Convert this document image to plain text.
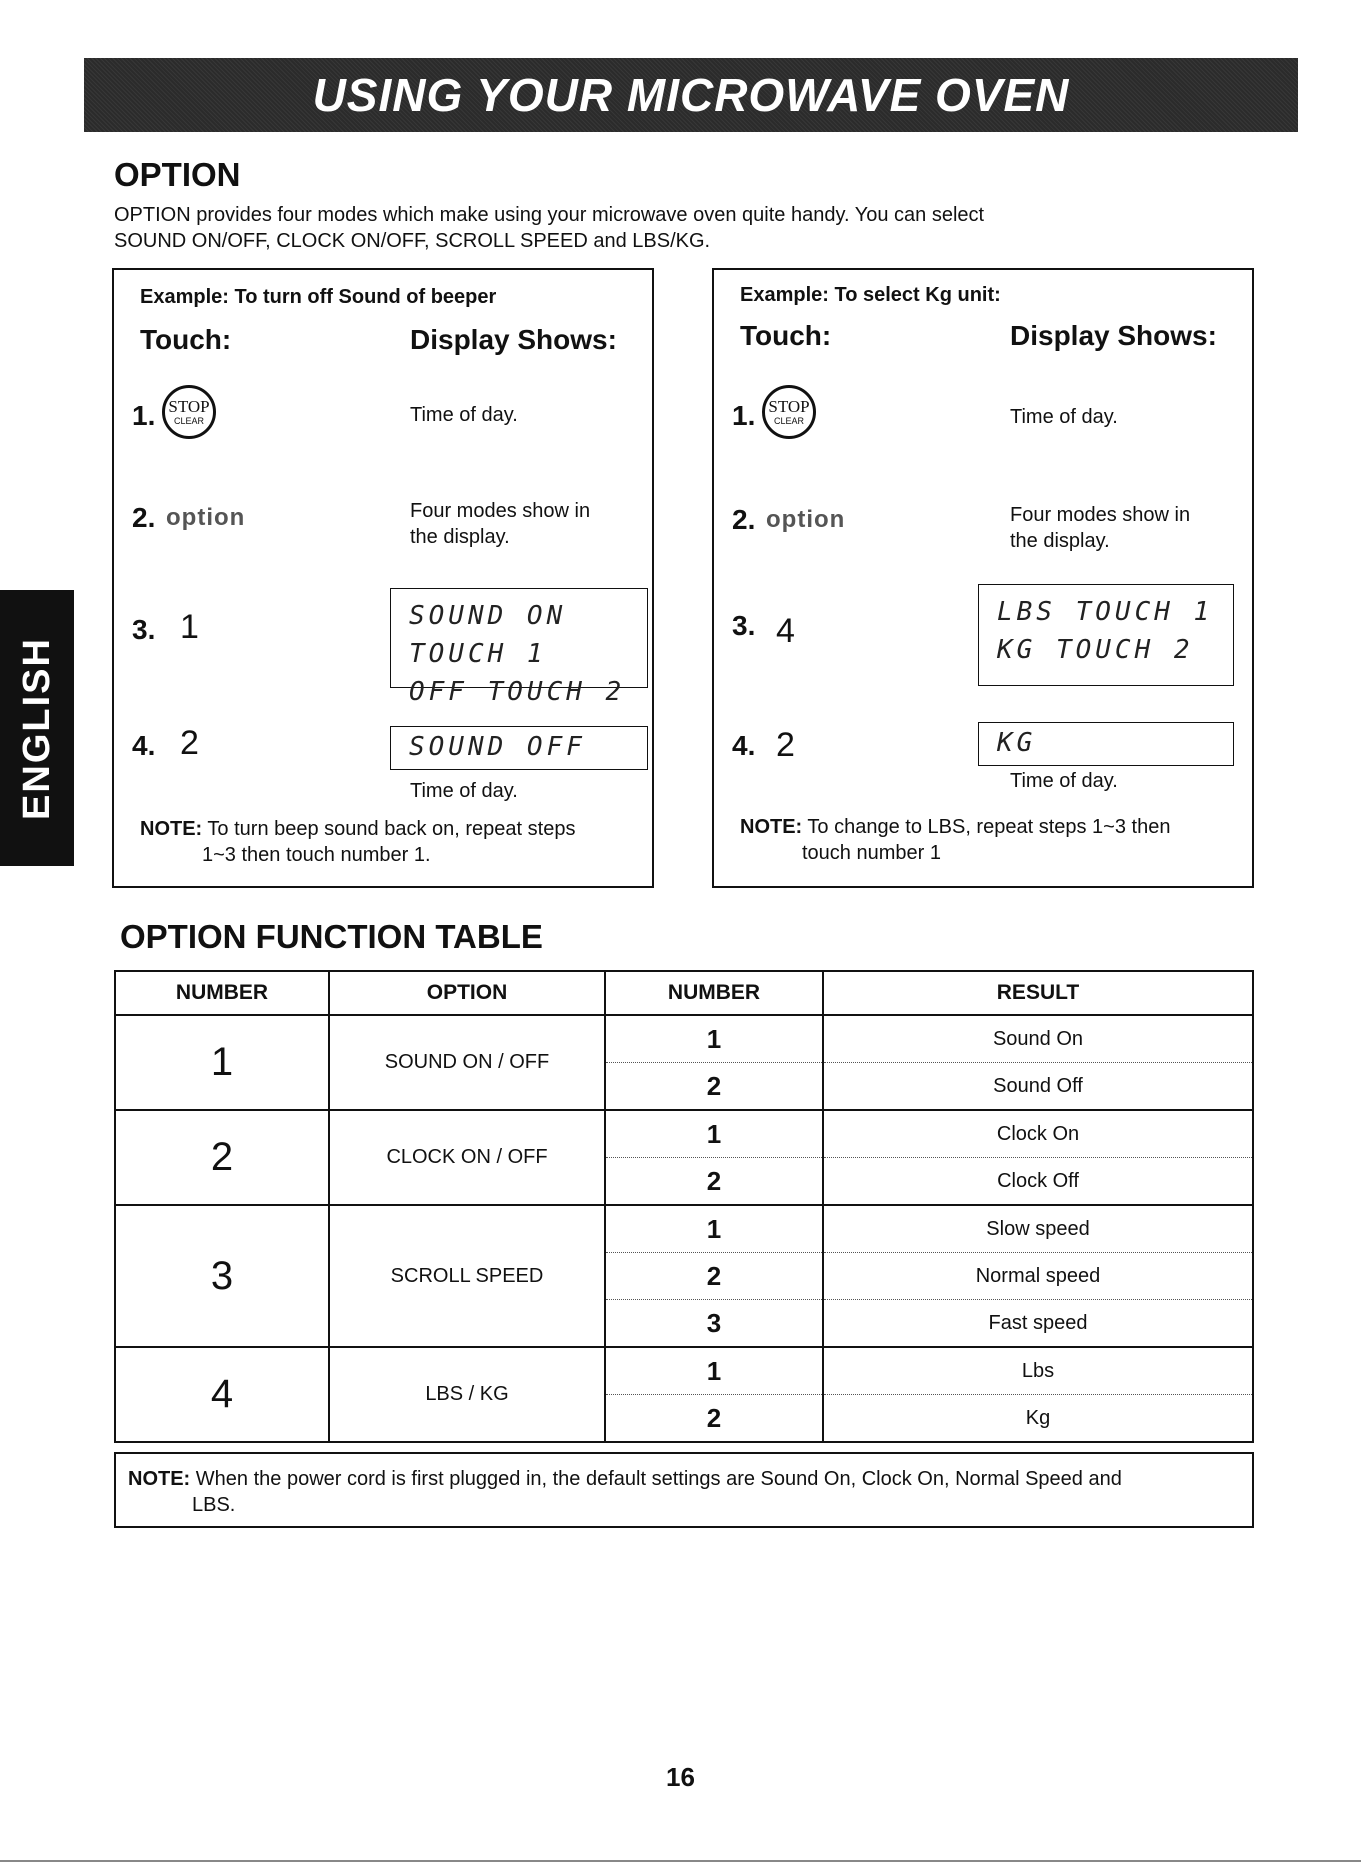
USING YOUR MICROWAVE OVEN
ENGLISH
OPTION
OPTION provides four modes which make using your microwave oven quite handy. You can select
SOUND ON/OFF, CLOCK ON/OFF, SCROLL SPEED and LBS/KG.
Example: To turn off Sound of beeper
Touch:	Display Shows:
1. STOP
CLEAR	Time of day.
2. option	Four modes show in
the display.
3. 1	SOUND ON TOUCH 1
OFF TOUCH 2
4. 2	SOUND OFF
Time of day.
NOTE: To turn beep sound back on, repeat steps
1~3 then touch number 1.
Example: To select Kg unit:
Touch:	Display Shows:
1. STOP
CLEAR	Time of day.
2. option	Four modes show in
the display.
3. 4	LBS TOUCH 1
KG TOUCH 2
4. 2	KG
Time of day.
NOTE: To change to LBS, repeat steps 1~3 then
touch number 1
OPTION FUNCTION TABLE
NUMBER	OPTION	NUMBER	RESULT
1	SOUND ON / OFF	1	Sound On
		2	Sound Off
2	CLOCK ON / OFF	1	Clock On
		2	Clock Off
3	SCROLL SPEED	1	Slow speed
		2	Normal speed
		3	Fast speed
4	LBS / KG	1	Lbs
		2	Kg
NOTE: When the power cord is first plugged in, the default settings are Sound On, Clock On, Normal Speed and
LBS.
16
